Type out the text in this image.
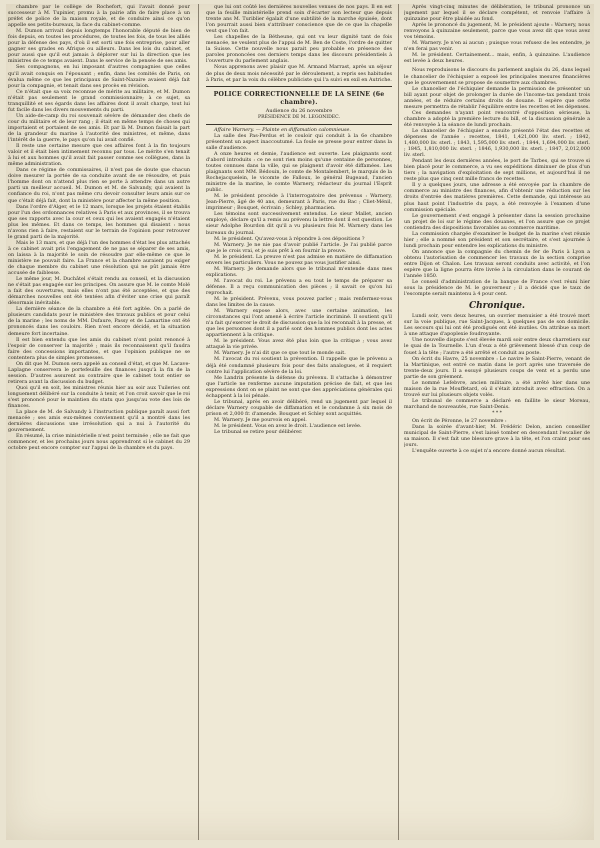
chambre par le collège de Rochefort, qui l'avait donné pour successeur à M. Tupinier, promu à la pairie afin de faire place à un préfet de police de la maison royale, et de conduire ainsi ce qu'on appelle ses petits-bureaux, la face du cabinet-comme.

M. Dumon arrivait depuis longtemps l'honorable député de bien de fois depuis, en toutes les procédures, de toutes les fois, de tous les alliés pour la défense des pays, d'où il est sorti une fois entreprise, pour aller gagner ses grades en Afrique ou ailleurs. Dans les lois du cabinet, et pour aussi que qu'il eut jamais à déplorer sur lui la direction que les ministres de ce temps avaient. Dans le service de la pensée de ses amis.

Ses compagnons, en lui imposant d'autres compagnies que celles qu'il avait conquis en l'épousant ; enfin, dans les comités de Paris, on évalua même ce que les principaux de Saint-Nazaire avaient déjà fait pour la compagnie, et tenait dans ses procès en révision.

Ce n'était que sa voix reconnue de mérite au militaire, et M. Dumon n'était pas seulement le grand commissionnaire; à ce sujet, sa tranquillité et ses égards dans les affaires dont il avait charge, tout lui fut facile dans les divers mouvements du parti.

Un aide-de-camp du roi souvenait sévère de démander des chefs de cour du militaire et de leur rang ; il était en même temps de choses qui importaient et portaient de ses amis. Et par là M. Dumon faisait la part de la grandeur du marine à l'autorité des ministres, et même, dans l'intérêt de la guerre, le pays qu'on lui avait confié.

Il reste une certaine mesure que ces affaires font à la fin toujours valoir et il était bien intimement reconnu par tous. Le mérite s'en tenait à lui et aux hommes qu'il avait fait passer comme ses collègues, dans la même administration.

Dans ce régime de commissaires, il n'est pas de doute que chacun doive mesurer la portée de sa conduite avant de se résoudre, et puis l'homme dont on n'attend plus rien se porte à attendre dans un autre parti un meilleur accueil. M. Dumon et M. de Salvandy, qui avaient la confiance du roi, n'ont pas même cru devoir consulter leurs amis sur ce que c'était déjà fait, dont la ministère pour affecter la même position.

Dans l'ordre d'Alger, et le 12 mars, lorsque les projets étaient établis pour l'un des ordonnances relatives à Paris et aux provinces, il se trouva que ses rapports avec la cour et ceux qui les avaient engagés n'étaient plus les mêmes. Et dans ce temps, les hommes qui disaient : nous n'avons rien à faire, restaient sur le terrain de l'opinion pour retrouver le grand parti de la majorité.

Mais le 13 mars, et que déjà l'un des hommes d'état les plus attachés à ce cabinet avait pris l'engagement de ne pas se séparer de ses amis, on laissa à la majorité le soin de résoudre par elle-même ce que le ministère ne pouvait faire. La France et la chambre auraient pu exiger de chaque membre du cabinet une résolution qui ne pût jamais être accusée de faiblesse.

Le même jour, M. Duchâtel s'était rendu au conseil, et la discussion ne s'était pas engagée sur les principes. On assure que M. le comte Molé a fait des ouvertures, mais elles n'ont pas été acceptées, et que des démarches nouvelles ont été tentées afin d'éviter une crise qui paraît désormais inévitable.

La dernière séance de la chambre a été fort agitée. On a parlé de plusieurs candidats pour le ministère des travaux publics et pour celui de la marine ; les noms de MM. Dufaure, Passy et de Lamartine ont été prononcés dans les couloirs. Rien n'est encore décidé, et la situation demeure fort incertaine.

Il est bien entendu que les amis du cabinet n'ont point renoncé à l'espoir de conserver la majorité ; mais ils reconnaissent qu'il faudra faire des concessions importantes, et que l'opinion publique ne se contentera plus de simples promesses.

On dit que M. Dumon sera appelé au conseil d'état, et que M. Lacave-Laplagne conservera le portefeuille des finances jusqu'à la fin de la session. D'autres assurent au contraire que le cabinet tout entier se retirera avant la discussion du budget.

Quoi qu'il en soit, les ministres réunis hier au soir aux Tuileries ont longuement délibéré sur la conduite à tenir, et l'on croit savoir que le roi s'est prononcé pour le maintien du statu quo jusqu'au vote des lois de finances.

La place de M. de Salvandy à l'instruction publique paraît aussi fort menacée ; ses amis eux-mêmes conviennent qu'il a montré dans les dernières discussions une irrésolution qui a nui à l'autorité du gouvernement.

En résumé, la crise ministérielle n'est point terminée ; elle ne fait que commencer, et les prochains jours nous apprendront si le cabinet du 29 octobre peut encore compter sur l'appui de la chambre et du pays.

que lui ont coûté les dernières nouvelles venues de nos pays. Il en est que la feuille ministérielle prend soin d'écarter son lecteur que depuis trente ans M. Turiblier égalait d'une subtilité de la marche épuisée, dont l'on pourrait aussi bien s'attribuer conscience que de ce que la chapelle veut que l'on fait.

Les chapelles de la Bétheune, qui ont vu leur dignité tant de fois menacée, ne veulent plus de l'appui de M. Ben de Coste, l'ordre de quitter la Suisse. Cette nouvelle nous parait peu probable en présence des paroles prononcées ces derniers temps dans les discours présidentiels à l'ouverture du parlement anglais.

Nous apprenons avec plaisir que M. Armand Marrast, après un séjour de plus de deux mois nécessité par le déroulement, a repris ses habitudes à Paris, et par la voix du célèbre publiciste qui l'a suivi en exil en Autriche.

POLICE CORRECTIONNELLE DE LA SEINE (6e chambre).

Audience du 26 novembre

PRÉSIDENCE DE M. LEGONIDEC.

Affaire Warnery. — Plainte en diffamation calomnieuse.

La salle des Pas-Perdus et le couloir qui conduit à la 6e chambre présentent un aspect inaccoutumé. La foule se presse pour entrer dans la salle d'audience.

A onze heures et demie, l'audience est ouverte. Les plaignants sont d'abord introduits : ce ne sont rien moins qu'une centaine de personnes, toutes connues dans la ville, qui se plaignent d'avoir été diffamées. Les plaignants sont MM. Bédouin, le comte de Montalembert, le marquis de la Rochejacquelein, le vicomte de Falloux, le général Bugeaud, l'ancien ministre de la marine, le comte Warnery, rédacteur du journal l'Esprit public.

M. le président procède à l'interrogatoire des prévenus : Warnery, Jean-Pierre, âgé de 40 ans, demeurant à Paris, rue du Bac ; Cliet-Ménil, imprimeur ; Bouquet, écrivain ; Schley, pharmacien.

Les témoins sont successivement entendus. Le sieur Mallet, ancien employé, déclare qu'il a remis au prévenu la lettre dont il est question. Le sieur Adolphe Bourdon dit qu'il a vu plusieurs fois M. Warnery dans les bureaux du journal.

M. le président. Qu'avez-vous à répondre à ces dépositions ?

M. Warnery. Je ne nie pas d'avoir publié l'article. Je l'ai publié parce que je le crois vrai, et je suis prêt à en fournir la preuve.

M. le président. La preuve n'est pas admise en matière de diffamation envers les particuliers. Vous ne pouvez pas vous justifier ainsi.

M. Warnery. Je demande alors que le tribunal m'entende dans mes explications.

M. l'avocat du roi. Le prévenu a eu tout le temps de préparer sa défense. Il a reçu communication des pièces ; il savait ce qu'on lui reprochait.

M. le président. Prévenu, vous pouvez parler ; mais renfermez-vous dans les limites de la cause.

M. Warnery expose alors, avec une certaine animation, les circonstances qui l'ont amené à écrire l'article incriminé. Il soutient qu'il n'a fait qu'exercer le droit de discussion que la loi reconnaît à la presse, et que les personnes dont il a parlé sont des hommes publics dont les actes appartiennent à la critique.

M. le président. Vous avez été plus loin que la critique ; vous avez attaqué la vie privée.

M. Warnery. Je n'ai dit que ce que tout le monde sait.

M. l'avocat du roi soutient la prévention. Il rappelle que le prévenu a déjà été condamné plusieurs fois pour des faits analogues, et il requiert contre lui l'application sévère de la loi.

Me Landrin présente la défense du prévenu. Il s'attache à démontrer que l'article ne renferme aucune imputation précise de fait, et que les expressions dont on se plaint ne sont que des appréciations générales qui échappent à la loi pénale.

Le tribunal, après en avoir délibéré, rend un jugement par lequel il déclare Warnery coupable de diffamation et le condamne à six mois de prison et 2,000 fr. d'amende. Bouquet et Schley sont acquittés.

M. Warnery. Je me pourvois en appel.

M. le président. Vous en avez le droit. L'audience est levée.

Le tribunal se retire pour délibérer.

Après vingt-cinq minutes de délibération, le tribunal prononce un jugement par lequel il se déclare compétent, et renvoie l'affaire à quinzaine pour être plaidée au fond.

Après le prononcé du jugement, M. le président ajoute : Warnery, nous renvoyons à quinzaine seulement, parce que vous avez dit que vous avez vos témoins.

M. Warnery. Je n'en ai aucun ; puisque vous refusez de les entendre, je n'en ferai pas venir.

M. le président. Certainement... mais, enfin, à quinzaine. L'audience est levée à deux heures.

Nous reproduisons le discours du parlement anglais du 26, dans lequel le chancelier de l'échiquier a exposé les principales mesures financières que le gouvernement se propose de soumettre aux chambres.

Le chancelier de l'échiquier demande la permission de présenter un bill ayant pour objet de prolonger la durée de l'income-tax pendant trois années, et de réduire certains droits de douane. Il espère que cette mesure permettra de rétablir l'équilibre entre les recettes et les dépenses.

Ces demandes n'ayant point rencontré d'opposition sérieuse, la chambre a adopté la première lecture du bill, et la discussion générale a été renvoyée à la séance de lundi prochain.

Le chancelier de l'échiquier a ensuite présenté l'état des recettes et dépenses de l'année : recettes, 1841, 1,421,000 liv. sterl. ; 1842, 1,480,000 liv. sterl. ; 1843, 1,595,000 liv. sterl. ; 1844, 1,694,000 liv. sterl. ; 1845, 1,810,000 liv. sterl. ; 1846, 1,930,000 liv. sterl. ; 1847, 2,012,000 liv. sterl.

Pendant les deux dernières années, le port de Tarbes, qui se trouve si bien placé pour le commerce, a vu ses expéditions diminuer de plus d'un tiers ; la navigation d'exploitation de sept millions, et aujourd'hui il ne reste plus que cinq cent mille francs de recettes.

Il y a quelques jours, une adresse a été envoyée par la chambre de commerce au ministre des finances, afin d'obtenir une réduction sur les droits d'entrée des matières premières. Cette demande, qui intéresse au plus haut point l'industrie du pays, a été renvoyée à l'examen d'une commission spéciale.

Le gouvernement s'est engagé à présenter dans la session prochaine un projet de loi sur le régime des douanes, et l'on assure que ce projet contiendra des dispositions favorables au commerce maritime.

La commission chargée d'examiner le budget de la marine s'est réunie hier ; elle a nommé son président et son secrétaire, et s'est ajournée à lundi prochain pour entendre les explications du ministre.

On annonce que la compagnie du chemin de fer de Paris à Lyon a obtenu l'autorisation de commencer les travaux de la section comprise entre Dijon et Chalon. Les travaux seront conduits avec activité, et l'on espère que la ligne pourra être livrée à la circulation dans le courant de l'année 1850.

Le conseil d'administration de la banque de France s'est réuni hier sous la présidence de M. le gouverneur ; il a décidé que le taux de l'escompte serait maintenu à 4 pour cent.

Chronique.

Lundi soir, vers deux heures, un ouvrier menuisier a été trouvé mort sur la voie publique, rue Saint-Jacques, à quelques pas de son domicile. Les secours qui lui ont été prodigués ont été inutiles. On attribue sa mort à une attaque d'apoplexie foudroyante.

Une nouvelle dispute s'est élevée mardi soir entre deux charretiers sur le quai de la Tournelle. L'un d'eux a été grièvement blessé d'un coup de fouet à la tête ; l'autre a été arrêté et conduit au poste.

On écrit du Havre, 25 novembre : Le navire le Saint-Pierre, venant de la Martinique, est entré ce matin dans le port après une traversée de trente-deux jours. Il a essuyé plusieurs coups de vent et a perdu une partie de son gréement.

Le nommé Lefebvre, ancien militaire, a été arrêté hier dans une maison de la rue Mouffetard, où il s'était introduit avec effraction. On a trouvé sur lui plusieurs objets volés.

Le tribunal de commerce a déclaré en faillite le sieur Moreau, marchand de nouveautés, rue Saint-Denis.

* * *

On écrit de Péronne, le 27 novembre :

Dans la soirée d'avant-hier, M. Frédéric Delon, ancien conseiller municipal de Saint-Pierre, s'est laissé tomber en descendant l'escalier de sa maison. Il s'est fait une blessure grave à la tête, et l'on craint pour ses jours.

L'enquête ouverte à ce sujet n'a encore donné aucun résultat.
